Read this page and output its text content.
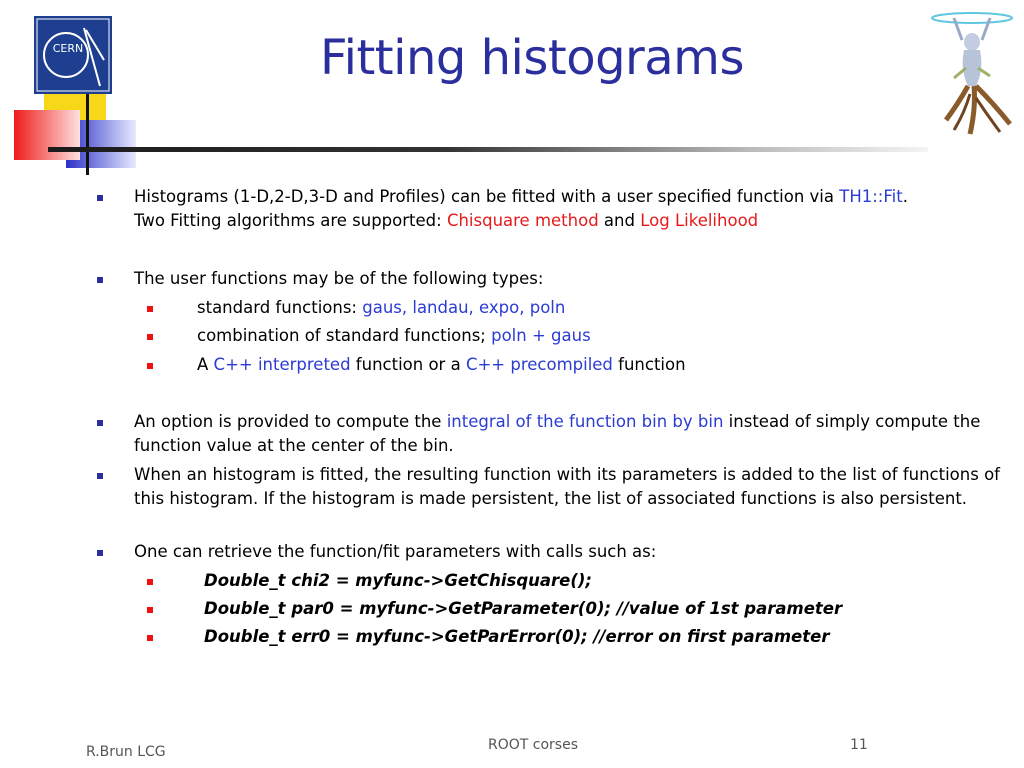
CERN	Fitting histograms
Histograms (1-D,2-D,3-D and Profiles) can be fitted with a user specified function via TH1::Fit.
Two Fitting algorithms are supported: Chisquare method and Log Likelihood
The user functions may be of the following types:
standard functions: gaus, landau, expo, poln
combination of standard functions; poln + gaus
A C++ interpreted function or a C++ precompiled function
An option is provided to compute the integral of the function bin by bin instead of simply compute the function value at the center of the bin.
When an histogram is fitted, the resulting function with its parameters is added to the list of functions of this histogram. If the histogram is made persistent, the list of associated functions is also persistent.
One can retrieve the function/fit parameters with calls such as:
Double_t chi2 = myfunc->GetChisquare();
Double_t par0 = myfunc->GetParameter(0); //value of 1st parameter
Double_t err0 = myfunc->GetParError(0); //error on first parameter
R.Brun LCG	ROOT corses	11
